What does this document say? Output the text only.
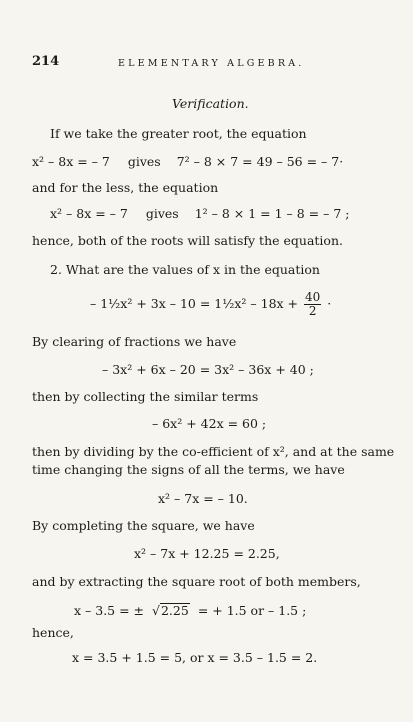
214	ELEMENTARY ALGEBRA.
Verification.
If we take the greater root, the equation
x² – 8x = – 7 gives 7² – 8 × 7 = 49 – 56 = – 7·
and for the less, the equation
x² – 8x = – 7 gives 1² – 8 × 1 = 1 – 8 = – 7 ;
hence, both of the roots will satisfy the equation.
2. What are the values of x in the equation
– 1½x² + 3x – 10 = 1½x² – $18x + \frac{40}{2}$ ·
By clearing of fractions we have
– 3x² + 6x – 20 = 3x² – 36x + 40 ;
then by collecting the similar terms
– 6x² + 42x = 60 ;
then by dividing by the co-efficient of x², and at the same
time changing the signs of all the terms, we have
x² – 7x = – 10.
By completing the square, we have
x² – 7x + 12.25 = 2.25,
and by extracting the square root of both members,
x – 3.5 = ± √2.25 = + 1.5 or – 1.5 ;
hence,
x = 3.5 + 1.5 = 5, or x = 3.5 – 1.5 = 2.
